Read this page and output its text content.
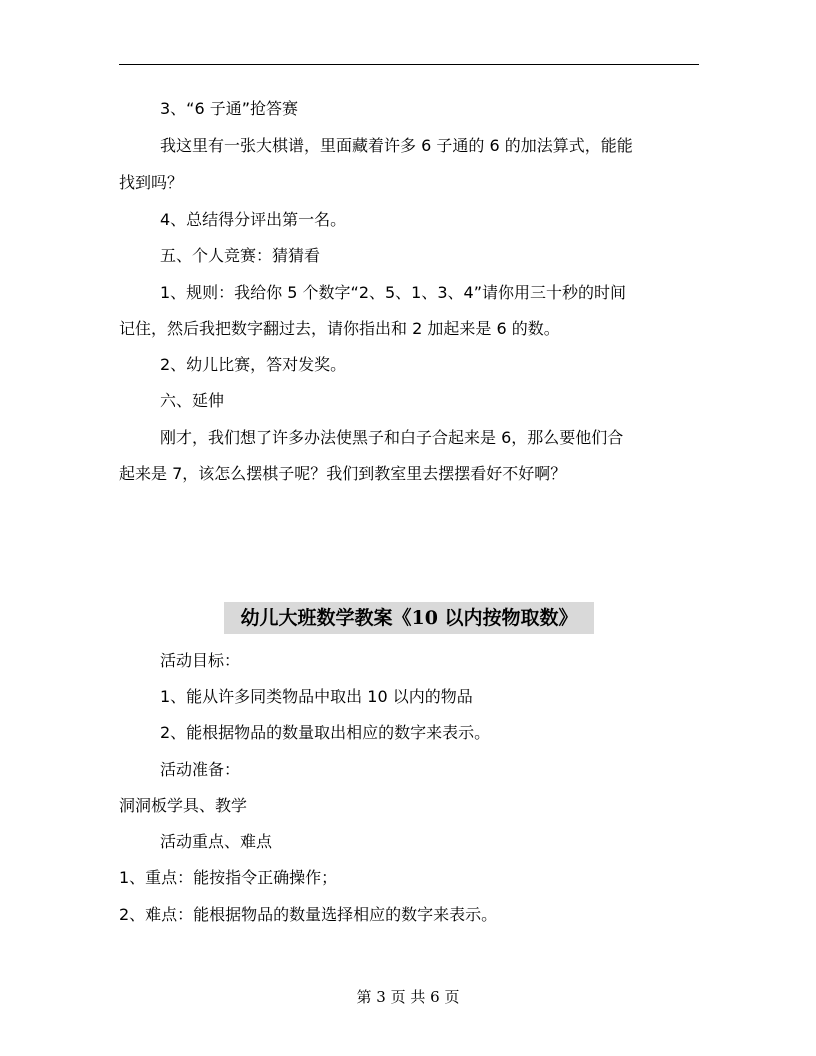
3、“6 子通”抢答赛
我这里有一张大棋谱，里面藏着许多 6 子通的 6 的加法算式，能能
找到吗？
4、总结得分评出第一名。
五、个人竞赛：猜猜看
1、规则：我给你 5 个数字“2、5、1、3、4”请你用三十秒的时间
记住，然后我把数字翻过去，请你指出和 2 加起来是 6 的数。
2、幼儿比赛，答对发奖。
六、延伸
刚才，我们想了许多办法使黑子和白子合起来是 6，那么要他们合
起来是 7，该怎么摆棋子呢？我们到教室里去摆摆看好不好啊？
幼儿大班数学教案《10 以内按物取数》
活动目标：
1、能从许多同类物品中取出 10 以内的物品
2、能根据物品的数量取出相应的数字来表示。
活动准备：
洞洞板学具、教学
活动重点、难点
1、重点：能按指令正确操作；
2、难点：能根据物品的数量选择相应的数字来表示。
第 3 页 共 6 页
